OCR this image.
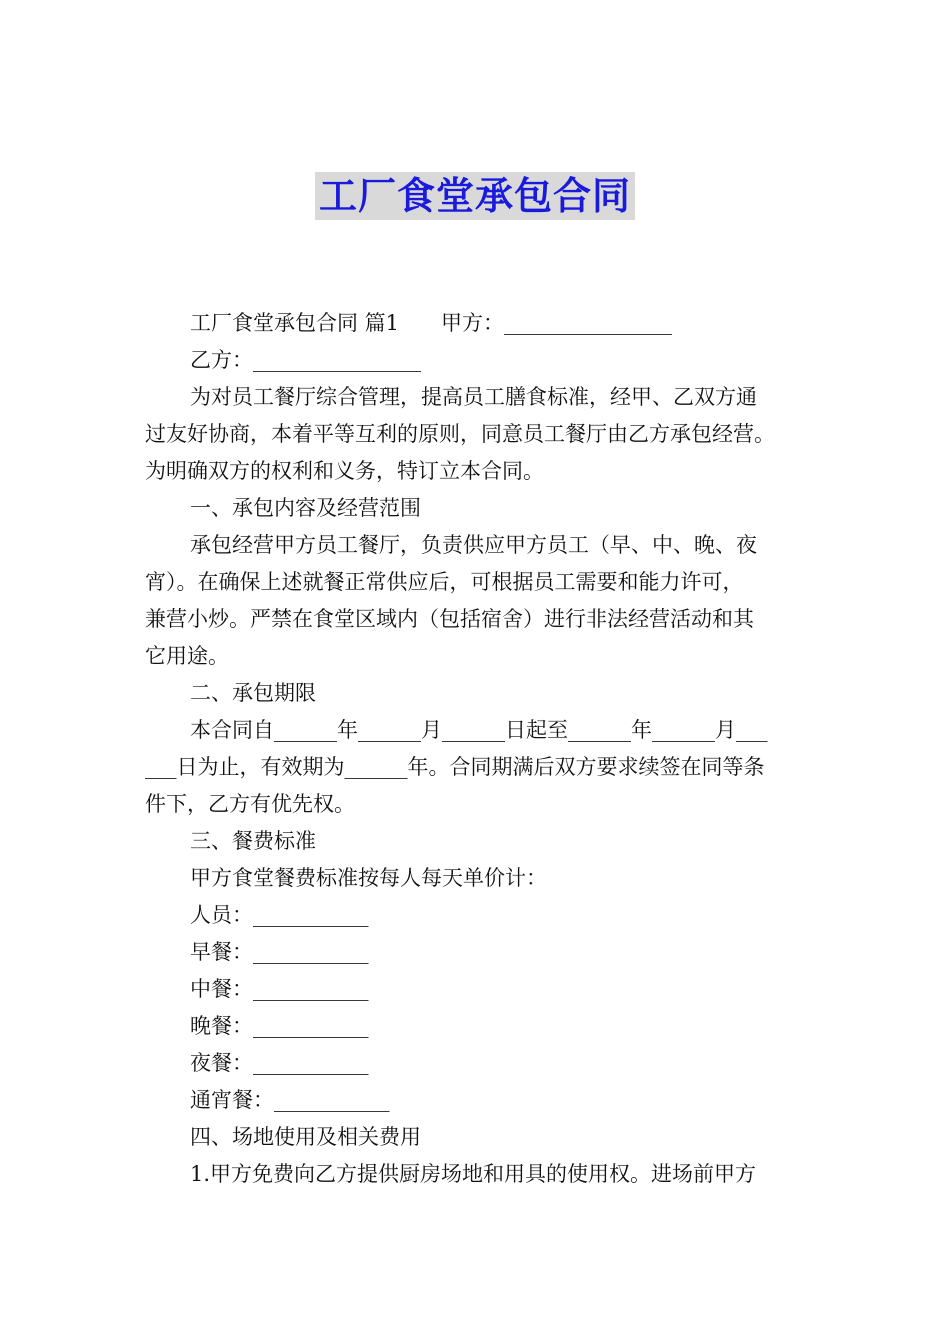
工厂食堂承包合同
工厂食堂承包合同 篇1 甲方：________________
乙方：________________
为对员工餐厅综合管理，提高员工膳食标准，经甲、乙双方通
过友好协商，本着平等互利的原则，同意员工餐厅由乙方承包经营。
为明确双方的权利和义务，特订立本合同。
一、承包内容及经营范围
承包经营甲方员工餐厅，负责供应甲方员工（早、中、晚、夜
宵）。在确保上述就餐正常供应后，可根据员工需要和能力许可，
兼营小炒。严禁在食堂区域内（包括宿舍）进行非法经营活动和其
它用途。
二、承包期限
本合同自______年______月______日起至______年______月___
___日为止，有效期为______年。合同期满后双方要求续签在同等条
件下，乙方有优先权。
三、餐费标准
甲方食堂餐费标准按每人每天单价计：
人员：___________
早餐：___________
中餐：___________
晚餐：___________
夜餐：___________
通宵餐：___________
四、场地使用及相关费用
1.甲方免费向乙方提供厨房场地和用具的使用权。进场前甲方
